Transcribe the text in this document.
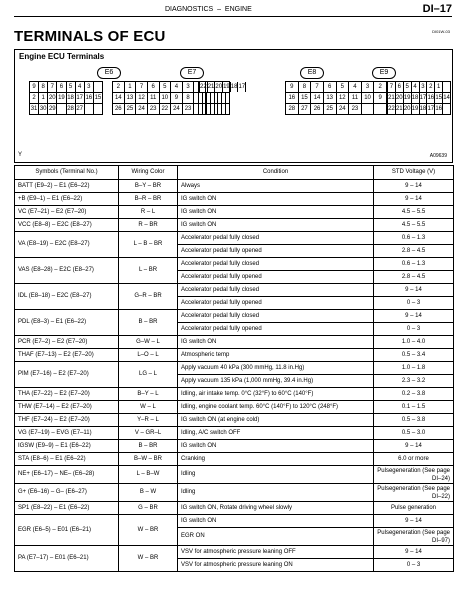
DIAGNOSTICS – ENGINE	DI–17
TERMINALS OF ECU	DI01W-03
Engine ECU Terminals
E6	E7	E8	E9
9 8 7 6 5 4 3
2 1 20 19 18 17 16 15
31 30 29 28 27
2	1	7	6	5	4	3
14 13 12 11 10	9	8
26 25 24 23 22 24 23
22 21 20 19 18 17	9	8	7	6	5	4	3	2
16 15 14 13 12	11	10	9
28 27 26 25 24 23
7 6 5 4 3 2 1
21 20 19 18 17 16 15 14
22 21 20 19 18 17 16
Y	A09639
Symbols (Terminal No.)	Wiring Color	Condition	STD Voltage (V)
BATT (E9–2) – E1 (E6–22)	B–Y – BR	Always	9 – 14
+B (E9–1) – E1 (E6–22)	B–R – BR	IG switch ON	9 – 14
VC (E7–21) – E2 (E7–20)	R – L	IG switch ON	4.5 – 5.5
VCC (E8–8) – E2C (E8–27)	R – BR	IG switch ON	4.5 – 5.5
VA (E8–19) – E2C (E8–27)	L – B – BR	Accelerator pedal fully closed	0.6 – 1.3
		Accelerator pedal fully opened	2.8 – 4.5
VAS (E8–28) – E2C (E8–27)	L – BR	Accelerator pedal fully closed	0.6 – 1.3
		Accelerator pedal fully opened	2.8 – 4.5
IDL (E8–18) – E2C (E8–27)	G–R – BR	Accelerator pedal fully closed	9 – 14
		Accelerator pedal fully opened	0 – 3
PDL (E8–3) – E1 (E6–22)	B – BR	Accelerator pedal fully closed	9 – 14
		Accelerator pedal fully opened	0 – 3
PCR (E7–2) – E2 (E7–20)	G–W – L	IG switch ON	1.0 – 4.0
THAF (E7–13) – E2 (E7–20)	L–O – L	Atmospheric temp	0.5 – 3.4
PIM (E7–16) – E2 (E7–20)	LG – L	Apply vacuum 40 kPa (300 mmHg, 11.8 in.Hg)	1.0 – 1.8
		Apply vacuum 135 kPa (1,000 mmHg, 39.4 in.Hg)	2.3 – 3.2
THA (E7–22) – E2 (E7–20)	B–Y – L	Idling, air intake temp. 0°C (32°F) to 60°C (140°F)	0.2 – 3.8
THW (E7–14) – E2 (E7–20)	W – L	Idling, engine coolant temp. 60°C (140°F) to 120°C (248°F)	0.1 – 1.5
THF (E7–24) – E2 (E7–20)	Y–R – L	IG switch ON (at engine cold)	0.5 – 3.8
VG (E7–19) – EVG (E7–11)	V – GR–L	Idling, A/C switch OFF	0.5 – 3.0
IGSW (E9–9) – E1 (E6–22)	B – BR	IG switch ON	9 – 14
STA (E8–6) – E1 (E6–22)	B–W – BR	Cranking	6.0 or more
NE+ (E6–17) – NE– (E6–28)	L – B–W	Idling	Pulsegeneration (See page DI–24)
G+ (E6–16) – G– (E6–27)	B – W	Idling	Pulsegeneration (See page DI–22)
SP1 (E8–22) – E1 (E6–22)	G – BR	IG switch ON, Rotate driving wheel slowly	Pulse generation
EGR (E6–5) – E01 (E6–21)	W – BR	IG switch ON	9 – 14
		EGR ON	Pulsegeneration (See page DI–97)
PA (E7–17) – E01 (E6–21)	W – BR	VSV for atmospheric pressure leaning OFF	9 – 14
		VSV for atmospheric pressure leaning ON	0 – 3
